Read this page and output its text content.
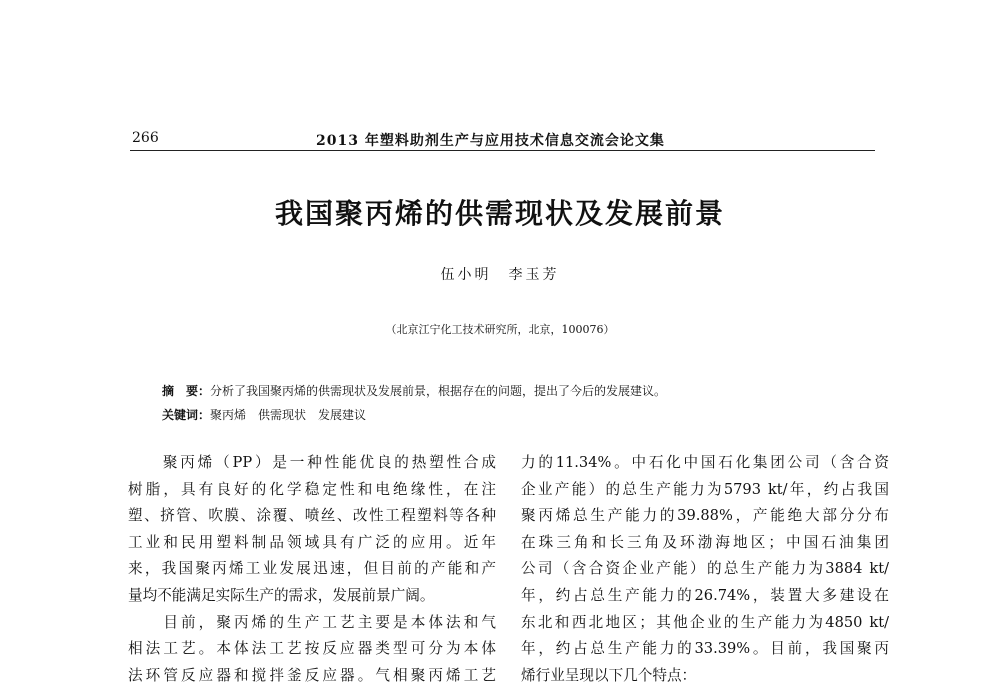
266	2013 年塑料助剂生产与应用技术信息交流会论文集
我国聚丙烯的供需现状及发展前景
伍小明　李玉芳
（北京江宁化工技术研究所，北京，100076）
摘　要：分析了我国聚丙烯的供需现状及发展前景，根据存在的问题，提出了今后的发展建议。
关键词：聚丙烯　供需现状　发展建议
　　聚丙烯（PP）是一种性能优良的热塑性合成
树脂，具有良好的化学稳定性和电绝缘性，在注
塑、挤管、吹膜、涂覆、喷丝、改性工程塑料等各种
工业和民用塑料制品领域具有广泛的应用。近年
来，我国聚丙烯工业发展迅速，但目前的产能和产
量均不能满足实际生产的需求，发展前景广阔。
　　目前，聚丙烯的生产工艺主要是本体法和气
相法工艺。本体法工艺按反应器类型可分为本体
法环管反应器和搅拌釜反应器。气相聚丙烯工艺
力的11.34%。中石化中国石化集团公司（含合资
企业产能）的总生产能力为5793 kt/年，约占我国
聚丙烯总生产能力的39.88%，产能绝大部分分布
在珠三角和长三角及环渤海地区；中国石油集团
公司（含合资企业产能）的总生产能力为3884 kt/
年，约占总生产能力的26.74%，装置大多建设在
东北和西北地区；其他企业的生产能力为4850 kt/
年，约占总生产能力的33.39%。目前，我国聚丙
烯行业呈现以下几个特点：
